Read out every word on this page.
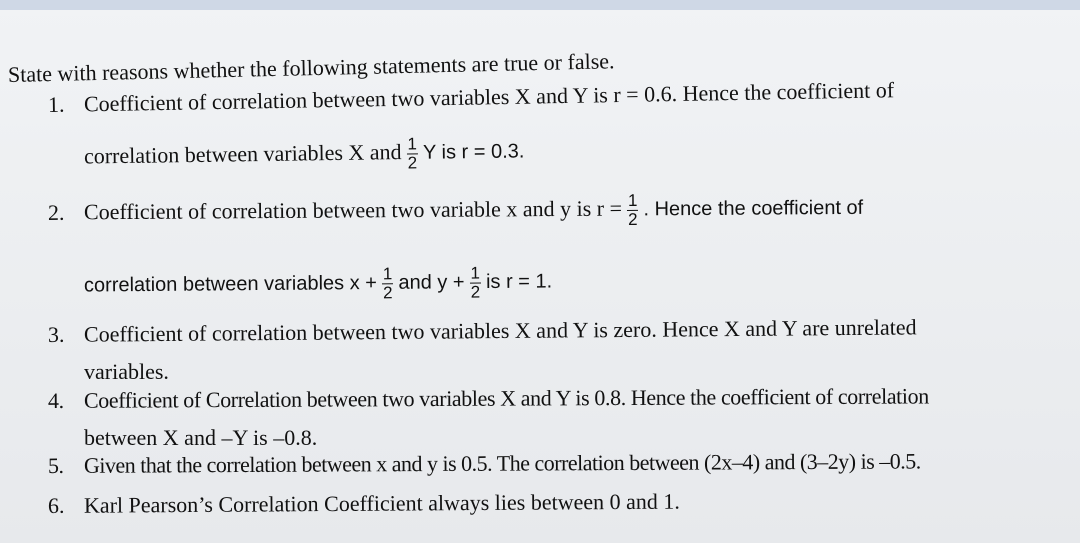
State with reasons whether the following statements are true or false.
1. Coefficient of correlation between two variables X and Y is r = 0.6. Hence the coefficient of
correlation between variables X and $\frac{1}{2}$ Y is r = 0.3.
2. Coefficient of correlation between two variable x and y is $r = \frac{1}{2}$ . Hence the coefficient of
correlation between variables $x + \frac{1}{2}$ and $y + \frac{1}{2}$ is r = 1.
3. Coefficient of correlation between two variables X and Y is zero. Hence X and Y are unrelated
variables.
4. Coefficient of Correlation between two variables X and Y is 0.8. Hence the coefficient of correlation
between X and –Y is –0.8.
5. Given that the correlation between x and y is 0.5. The correlation between (2x–4) and (3–2y) is –0.5.
6. Karl Pearson’s Correlation Coefficient always lies between 0 and 1.
